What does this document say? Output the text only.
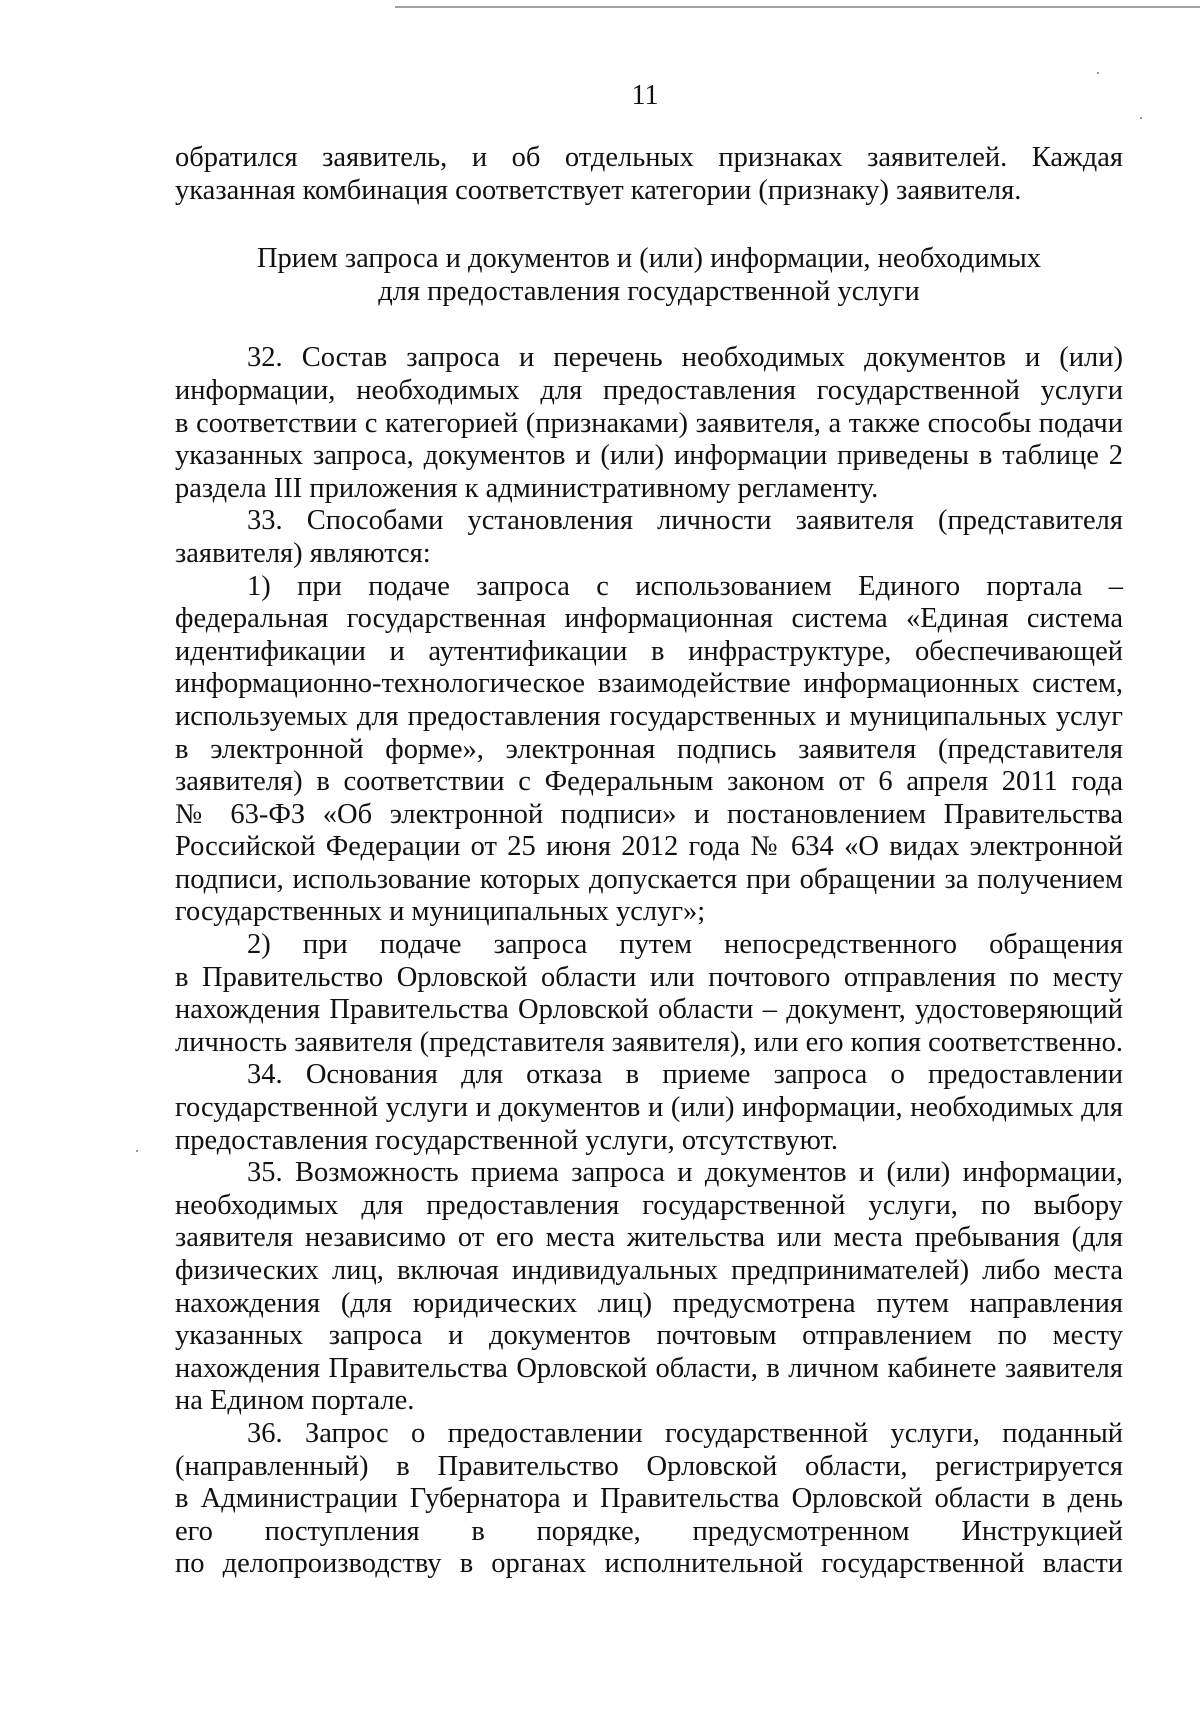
11

обратился заявитель, и об отдельных признаках заявителей. Каждая

указанная комбинация соответствует категории (признаку) заявителя.

Прием запроса и документов и (или) информации, необходимых

для предоставления государственной услуги

32. Состав запроса и перечень необходимых документов и (или)

информации, необходимых для предоставления государственной услуги

в соответствии с категорией (признаками) заявителя, а также способы подачи

указанных запроса, документов и (или) информации приведены в таблице 2

раздела III приложения к административному регламенту.

33. Способами установления личности заявителя (представителя

заявителя) являются:

1) при подаче запроса с использованием Единого портала –

федеральная государственная информационная система «Единая система

идентификации и аутентификации в инфраструктуре, обеспечивающей

информационно-технологическое взаимодействие информационных систем,

используемых для предоставления государственных и муниципальных услуг

в электронной форме», электронная подпись заявителя (представителя

заявителя) в соответствии с Федеральным законом от 6 апреля 2011 года

№ 63-ФЗ «Об электронной подписи» и постановлением Правительства

Российской Федерации от 25 июня 2012 года № 634 «О видах электронной

подписи, использование которых допускается при обращении за получением

государственных и муниципальных услуг»;

2) при подаче запроса путем непосредственного обращения

в Правительство Орловской области или почтового отправления по месту

нахождения Правительства Орловской области – документ, удостоверяющий

личность заявителя (представителя заявителя), или его копия соответственно.

34. Основания для отказа в приеме запроса о предоставлении

государственной услуги и документов и (или) информации, необходимых для

предоставления государственной услуги, отсутствуют.

35. Возможность приема запроса и документов и (или) информации,

необходимых для предоставления государственной услуги, по выбору

заявителя независимо от его места жительства или места пребывания (для

физических лиц, включая индивидуальных предпринимателей) либо места

нахождения (для юридических лиц) предусмотрена путем направления

указанных запроса и документов почтовым отправлением по месту

нахождения Правительства Орловской области, в личном кабинете заявителя

на Едином портале.

36. Запрос о предоставлении государственной услуги, поданный

(направленный) в Правительство Орловской области, регистрируется

в Администрации Губернатора и Правительства Орловской области в день

его поступления в порядке, предусмотренном Инструкцией

по делопроизводству в органах исполнительной государственной власти
